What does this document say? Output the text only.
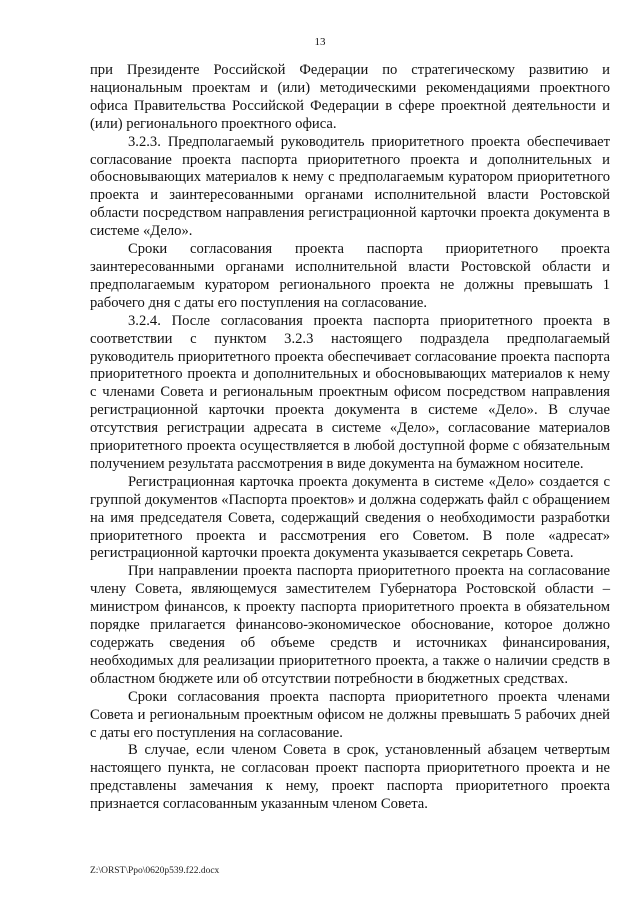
13

при Президенте Российской Федерации по стратегическому развитию и национальным проектам и (или) методическими рекомендациями проектного офиса Правительства Российской Федерации в сфере проектной деятельности и (или) регионального проектного офиса.

3.2.3. Предполагаемый руководитель приоритетного проекта обеспечивает согласование проекта паспорта приоритетного проекта и дополнительных и обосновывающих материалов к нему с предполагаемым куратором приоритетного проекта и заинтересованными органами исполнительной власти Ростовской области посредством направления регистрационной карточки проекта документа в системе «Дело».

Сроки согласования проекта паспорта приоритетного проекта заинтересованными органами исполнительной власти Ростовской области и предполагаемым куратором регионального проекта не должны превышать 1 рабочего дня с даты его поступления на согласование.

3.2.4. После согласования проекта паспорта приоритетного проекта в соответствии с пунктом 3.2.3 настоящего подраздела предполагаемый руководитель приоритетного проекта обеспечивает согласование проекта паспорта приоритетного проекта и дополнительных и обосновывающих материалов к нему с членами Совета и региональным проектным офисом посредством направления регистрационной карточки проекта документа в системе «Дело». В случае отсутствия регистрации адресата в системе «Дело», согласование материалов приоритетного проекта осуществляется в любой доступной форме с обязательным получением результата рассмотрения в виде документа на бумажном носителе.

Регистрационная карточка проекта документа в системе «Дело» создается с группой документов «Паспорта проектов» и должна содержать файл с обращением на имя председателя Совета, содержащий сведения о необходимости разработки приоритетного проекта и рассмотрения его Советом. В поле «адресат» регистрационной карточки проекта документа указывается секретарь Совета.

При направлении проекта паспорта приоритетного проекта на согласование члену Совета, являющемуся заместителем Губернатора Ростовской области – министром финансов, к проекту паспорта приоритетного проекта в обязательном порядке прилагается финансово-экономическое обоснование, которое должно содержать сведения об объеме средств и источниках финансирования, необходимых для реализации приоритетного проекта, а также о наличии средств в областном бюджете или об отсутствии потребности в бюджетных средствах.

Сроки согласования проекта паспорта приоритетного проекта членами Совета и региональным проектным офисом не должны превышать 5 рабочих дней с даты его поступления на согласование.

В случае, если членом Совета в срок, установленный абзацем четвертым настоящего пункта, не согласован проект паспорта приоритетного проекта и не представлены замечания к нему, проект паспорта приоритетного проекта признается согласованным указанным членом Совета.

Z:\ORST\Ppo\0620p539.f22.docx
